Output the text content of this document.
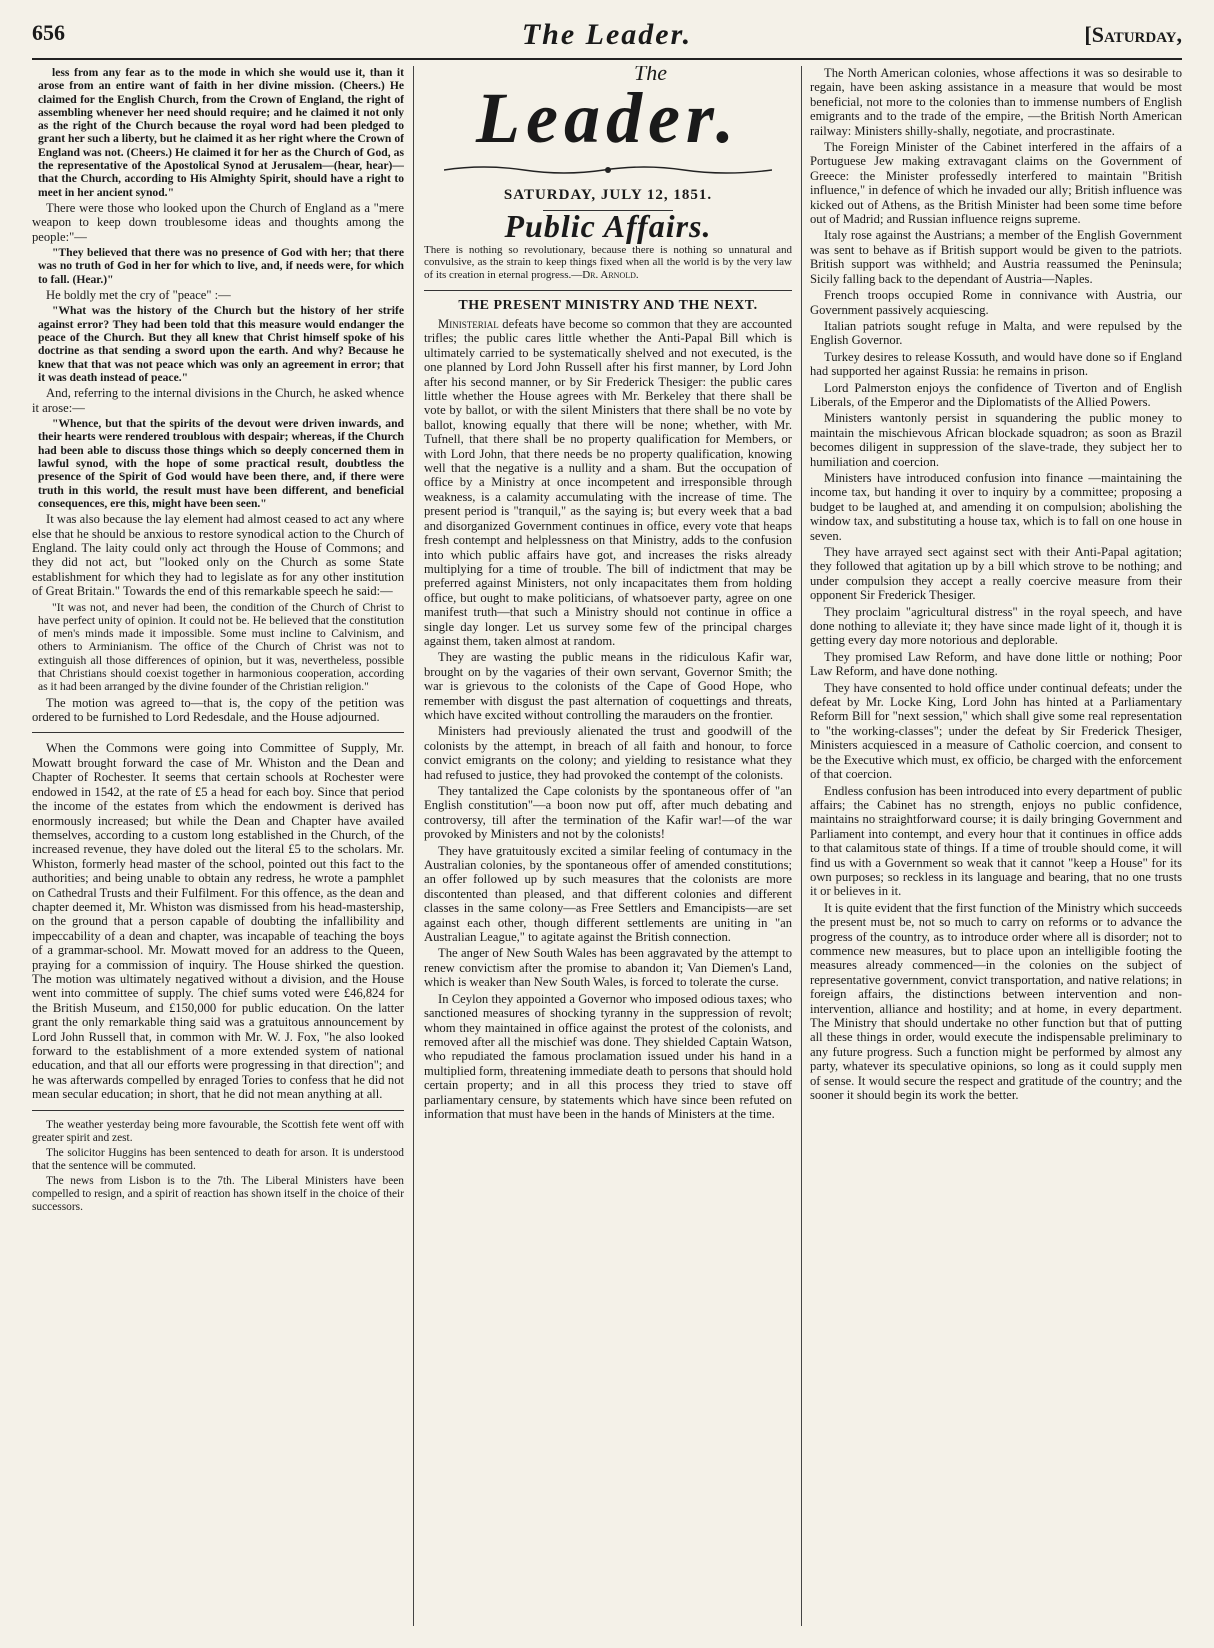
656	The Leader.	[Saturday,

less from any fear as to the mode in which she would use it, than it arose from an entire want of faith in her divine mission. (Cheers.) He claimed for the English Church, from the Crown of England, the right of assembling whenever her need should require; and he claimed it not only as the right of the Church because the royal word had been pledged to grant her such a liberty, but he claimed it as her right where the Crown of England was not. (Cheers.) He claimed it for her as the Church of God, as the representative of the Apostolical Synod at Jerusalem—(hear, hear)—that the Church, according to His Almighty Spirit, should have a right to meet in her ancient synod."

There were those who looked upon the Church of England as a "mere weapon to keep down troublesome ideas and thoughts among the people:"—

"They believed that there was no presence of God with her; that there was no truth of God in her for which to live, and, if needs were, for which to fall. (Hear.)"

He boldly met the cry of "peace" :—

"What was the history of the Church but the history of her strife against error? They had been told that this measure would endanger the peace of the Church. But they all knew that Christ himself spoke of his doctrine as that sending a sword upon the earth. And why? Because he knew that that was not peace which was only an agreement in error; that it was death instead of peace."

And, referring to the internal divisions in the Church, he asked whence it arose:—

"Whence, but that the spirits of the devout were driven inwards, and their hearts were rendered troublous with despair; whereas, if the Church had been able to discuss those things which so deeply concerned them in lawful synod, with the hope of some practical result, doubtless the presence of the Spirit of God would have been there, and, if there were truth in this world, the result must have been different, and beneficial consequences, ere this, might have been seen."

It was also because the lay element had almost ceased to act any where else that he should be anxious to restore synodical action to the Church of England. The laity could only act through the House of Commons; and they did not act, but "looked only on the Church as some State establishment for which they had to legislate as for any other institution of Great Britain." Towards the end of this remarkable speech he said:—

"It was not, and never had been, the condition of the Church of Christ to have perfect unity of opinion. It could not be. He believed that the constitution of men's minds made it impossible. Some must incline to Calvinism, and others to Arminianism. The office of the Church of Christ was not to extinguish all those differences of opinion, but it was, nevertheless, possible that Christians should coexist together in harmonious cooperation, according as it had been arranged by the divine founder of the Christian religion."

The motion was agreed to—that is, the copy of the petition was ordered to be furnished to Lord Redesdale, and the House adjourned.

When the Commons were going into Committee of Supply, Mr. Mowatt brought forward the case of Mr. Whiston and the Dean and Chapter of Rochester. It seems that certain schools at Rochester were endowed in 1542, at the rate of £5 a head for each boy. Since that period the income of the estates from which the endowment is derived has enormously increased; but while the Dean and Chapter have availed themselves, according to a custom long established in the Church, of the increased revenue, they have doled out the literal £5 to the scholars. Mr. Whiston, formerly head master of the school, pointed out this fact to the authorities; and being unable to obtain any redress, he wrote a pamphlet on Cathedral Trusts and their Fulfilment. For this offence, as the dean and chapter deemed it, Mr. Whiston was dismissed from his head-mastership, on the ground that a person capable of doubting the infallibility and impeccability of a dean and chapter, was incapable of teaching the boys of a grammar-school. Mr. Mowatt moved for an address to the Queen, praying for a commission of inquiry. The House shirked the question. The motion was ultimately negatived without a division, and the House went into committee of supply. The chief sums voted were £46,824 for the British Museum, and £150,000 for public education. On the latter grant the only remarkable thing said was a gratuitous announcement by Lord John Russell that, in common with Mr. W. J. Fox, "he also looked forward to the establishment of a more extended system of national education, and that all our efforts were progressing in that direction"; and he was afterwards compelled by enraged Tories to confess that he did not mean secular education; in short, that he did not mean anything at all.

The weather yesterday being more favourable, the Scottish fete went off with greater spirit and zest.

The solicitor Huggins has been sentenced to death for arson. It is understood that the sentence will be commuted.

The news from Lisbon is to the 7th. The Liberal Ministers have been compelled to resign, and a spirit of reaction has shown itself in the choice of their successors.

The
Leader.
SATURDAY, JULY 12, 1851.
Public Affairs.

There is nothing so revolutionary, because there is nothing so unnatural and convulsive, as the strain to keep things fixed when all the world is by the very law of its creation in eternal progress.—Dr. Arnold.

THE PRESENT MINISTRY AND THE NEXT.

Ministerial defeats have become so common that they are accounted trifles; the public cares little whether the Anti-Papal Bill which is ultimately carried to be systematically shelved and not executed, is the one planned by Lord John Russell after his first manner, by Lord John after his second manner, or by Sir Frederick Thesiger: the public cares little whether the House agrees with Mr. Berkeley that there shall be vote by ballot, or with the silent Ministers that there shall be no vote by ballot, knowing equally that there will be none; whether, with Mr. Tufnell, that there shall be no property qualification for Members, or with Lord John, that there needs be no property qualification, knowing well that the negative is a nullity and a sham. But the occupation of office by a Ministry at once incompetent and irresponsible through weakness, is a calamity accumulating with the increase of time. The present period is "tranquil," as the saying is; but every week that a bad and disorganized Government continues in office, every vote that heaps fresh contempt and helplessness on that Ministry, adds to the confusion into which public affairs have got, and increases the risks already multiplying for a time of trouble. The bill of indictment that may be preferred against Ministers, not only incapacitates them from holding office, but ought to make politicians, of whatsoever party, agree on one manifest truth—that such a Ministry should not continue in office a single day longer. Let us survey some few of the principal charges against them, taken almost at random.

They are wasting the public means in the ridiculous Kafir war, brought on by the vagaries of their own servant, Governor Smith; the war is grievous to the colonists of the Cape of Good Hope, who remember with disgust the past alternation of coquettings and threats, which have excited without controlling the marauders on the frontier.

Ministers had previously alienated the trust and goodwill of the colonists by the attempt, in breach of all faith and honour, to force convict emigrants on the colony; and yielding to resistance what they had refused to justice, they had provoked the contempt of the colonists.

They tantalized the Cape colonists by the spontaneous offer of "an English constitution"—a boon now put off, after much debating and controversy, till after the termination of the Kafir war!—of the war provoked by Ministers and not by the colonists!

They have gratuitously excited a similar feeling of contumacy in the Australian colonies, by the spontaneous offer of amended constitutions; an offer followed up by such measures that the colonists are more discontented than pleased, and that different colonies and different classes in the same colony—as Free Settlers and Emancipists—are set against each other, though different settlements are uniting in "an Australian League," to agitate against the British connection.

The anger of New South Wales has been aggravated by the attempt to renew convictism after the promise to abandon it; Van Diemen's Land, which is weaker than New South Wales, is forced to tolerate the curse.

In Ceylon they appointed a Governor who imposed odious taxes; who sanctioned measures of shocking tyranny in the suppression of revolt; whom they maintained in office against the protest of the colonists, and removed after all the mischief was done. They shielded Captain Watson, who repudiated the famous proclamation issued under his hand in a multiplied form, threatening immediate death to persons that should hold certain property; and in all this process they tried to stave off parliamentary censure, by statements which have since been refuted on information that must have been in the hands of Ministers at the time.

The North American colonies, whose affections it was so desirable to regain, have been asking assistance in a measure that would be most beneficial, not more to the colonies than to immense numbers of English emigrants and to the trade of the empire, —the British North American railway: Ministers shilly-shally, negotiate, and procrastinate.

The Foreign Minister of the Cabinet interfered in the affairs of a Portuguese Jew making extravagant claims on the Government of Greece: the Minister professedly interfered to maintain "British influence," in defence of which he invaded our ally; British influence was kicked out of Athens, as the British Minister had been some time before out of Madrid; and Russian influence reigns supreme.

Italy rose against the Austrians; a member of the English Government was sent to behave as if British support would be given to the patriots. British support was withheld; and Austria reassumed the Peninsula; Sicily falling back to the dependant of Austria—Naples.

French troops occupied Rome in connivance with Austria, our Government passively acquiescing.

Italian patriots sought refuge in Malta, and were repulsed by the English Governor.

Turkey desires to release Kossuth, and would have done so if England had supported her against Russia: he remains in prison.

Lord Palmerston enjoys the confidence of Tiverton and of English Liberals, of the Emperor and the Diplomatists of the Allied Powers.

Ministers wantonly persist in squandering the public money to maintain the mischievous African blockade squadron; as soon as Brazil becomes diligent in suppression of the slave-trade, they subject her to humiliation and coercion.

Ministers have introduced confusion into finance —maintaining the income tax, but handing it over to inquiry by a committee; proposing a budget to be laughed at, and amending it on compulsion; abolishing the window tax, and substituting a house tax, which is to fall on one house in seven.

They have arrayed sect against sect with their Anti-Papal agitation; they followed that agitation up by a bill which strove to be nothing; and under compulsion they accept a really coercive measure from their opponent Sir Frederick Thesiger.

They proclaim "agricultural distress" in the royal speech, and have done nothing to alleviate it; they have since made light of it, though it is getting every day more notorious and deplorable.

They promised Law Reform, and have done little or nothing; Poor Law Reform, and have done nothing.

They have consented to hold office under continual defeats; under the defeat by Mr. Locke King, Lord John has hinted at a Parliamentary Reform Bill for "next session," which shall give some real representation to "the working-classes"; under the defeat by Sir Frederick Thesiger, Ministers acquiesced in a measure of Catholic coercion, and consent to be the Executive which must, ex officio, be charged with the enforcement of that coercion.

Endless confusion has been introduced into every department of public affairs; the Cabinet has no strength, enjoys no public confidence, maintains no straightforward course; it is daily bringing Government and Parliament into contempt, and every hour that it continues in office adds to that calamitous state of things. If a time of trouble should come, it will find us with a Government so weak that it cannot "keep a House" for its own purposes; so reckless in its language and bearing, that no one trusts it or believes in it.

It is quite evident that the first function of the Ministry which succeeds the present must be, not so much to carry on reforms or to advance the progress of the country, as to introduce order where all is disorder; not to commence new measures, but to place upon an intelligible footing the measures already commenced—in the colonies on the subject of representative government, convict transportation, and native relations; in foreign affairs, the distinctions between intervention and non-intervention, alliance and hostility; and at home, in every department. The Ministry that should undertake no other function but that of putting all these things in order, would execute the indispensable preliminary to any future progress. Such a function might be performed by almost any party, whatever its speculative opinions, so long as it could supply men of sense. It would secure the respect and gratitude of the country; and the sooner it should begin its work the better.
